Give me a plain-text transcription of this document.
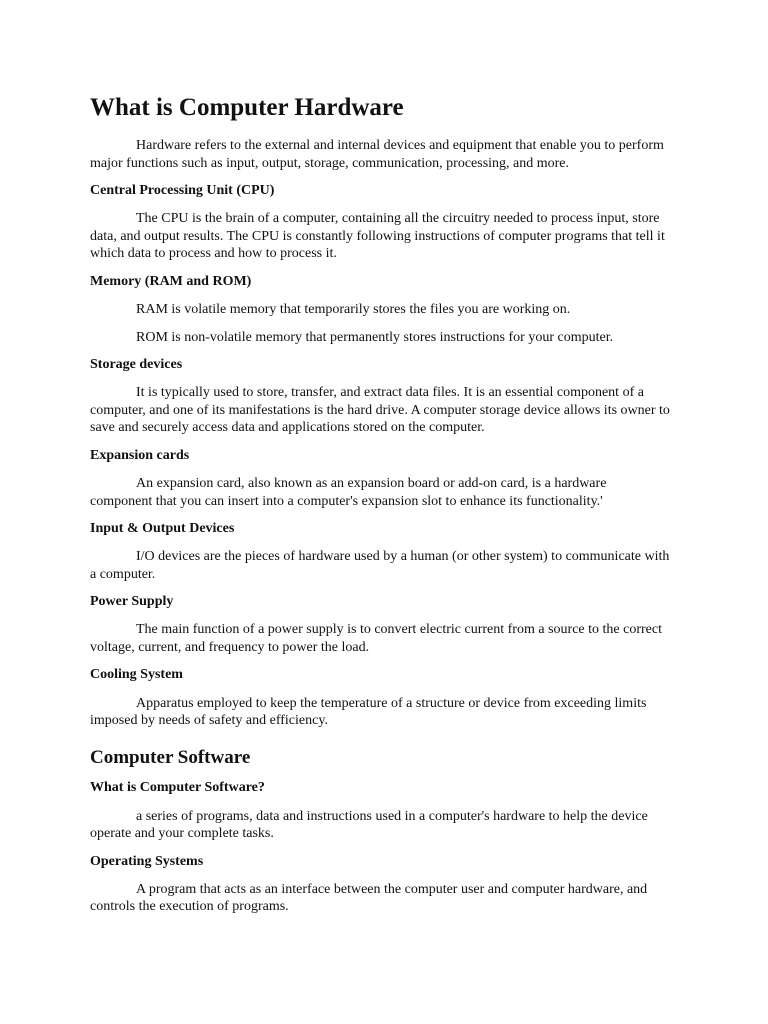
What is Computer Hardware

Hardware refers to the external and internal devices and equipment that enable you to perform major functions such as input, output, storage, communication, processing, and more.

Central Processing Unit (CPU)

The CPU is the brain of a computer, containing all the circuitry needed to process input, store data, and output results. The CPU is constantly following instructions of computer programs that tell it which data to process and how to process it.

Memory (RAM and ROM)

RAM is volatile memory that temporarily stores the files you are working on.

ROM is non-volatile memory that permanently stores instructions for your computer.

Storage devices

It is typically used to store, transfer, and extract data files. It is an essential component of a computer, and one of its manifestations is the hard drive. A computer storage device allows its owner to save and securely access data and applications stored on the computer.

Expansion cards

An expansion card, also known as an expansion board or add-on card, is a hardware component that you can insert into a computer's expansion slot to enhance its functionality.'

Input & Output Devices

I/O devices are the pieces of hardware used by a human (or other system) to communicate with a computer.

Power Supply

The main function of a power supply is to convert electric current from a source to the correct voltage, current, and frequency to power the load.

Cooling System

Apparatus employed to keep the temperature of a structure or device from exceeding limits imposed by needs of safety and efficiency.

Computer Software
What is Computer Software?

a series of programs, data and instructions used in a computer's hardware to help the device operate and your complete tasks.

Operating Systems

A program that acts as an interface between the computer user and computer hardware, and controls the execution of programs.
